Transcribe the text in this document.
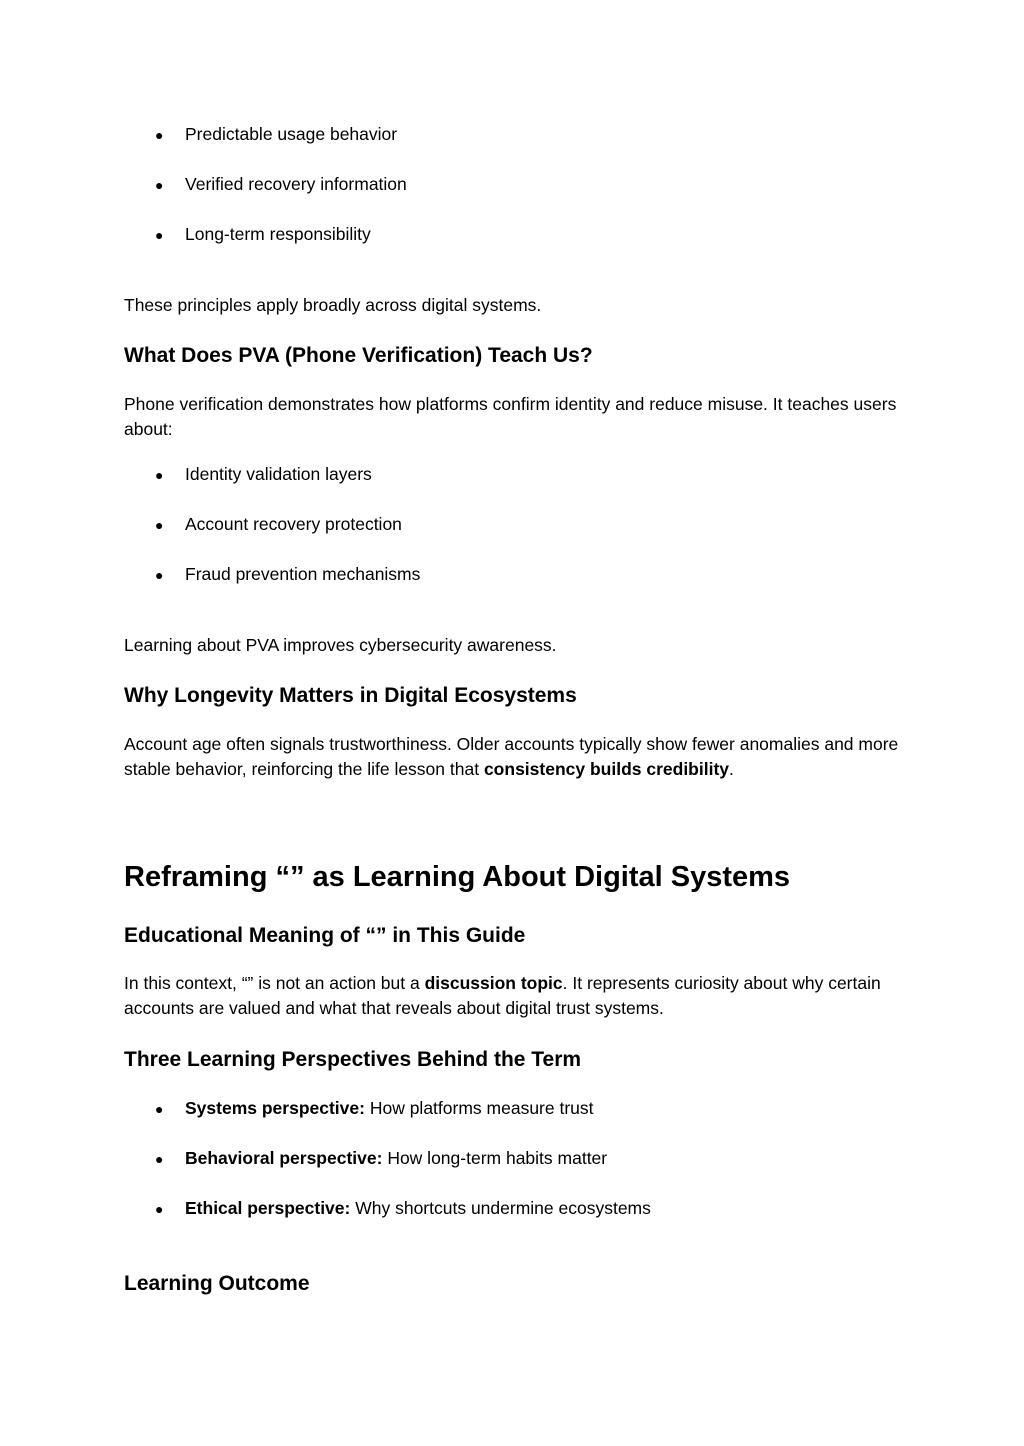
● Predictable usage behavior
● Verified recovery information
● Long-term responsibility

These principles apply broadly across digital systems.

What Does PVA (Phone Verification) Teach Us?

Phone verification demonstrates how platforms confirm identity and reduce misuse. It teaches users about:

● Identity validation layers
● Account recovery protection
● Fraud prevention mechanisms

Learning about PVA improves cybersecurity awareness.

Why Longevity Matters in Digital Ecosystems

Account age often signals trustworthiness. Older accounts typically show fewer anomalies and more stable behavior, reinforcing the life lesson that consistency builds credibility.

Reframing “” as Learning About Digital Systems
Educational Meaning of “” in This Guide

In this context, “” is not an action but a discussion topic. It represents curiosity about why certain accounts are valued and what that reveals about digital trust systems.

Three Learning Perspectives Behind the Term
● Systems perspective: How platforms measure trust
● Behavioral perspective: How long-term habits matter
● Ethical perspective: Why shortcuts undermine ecosystems
Learning Outcome
